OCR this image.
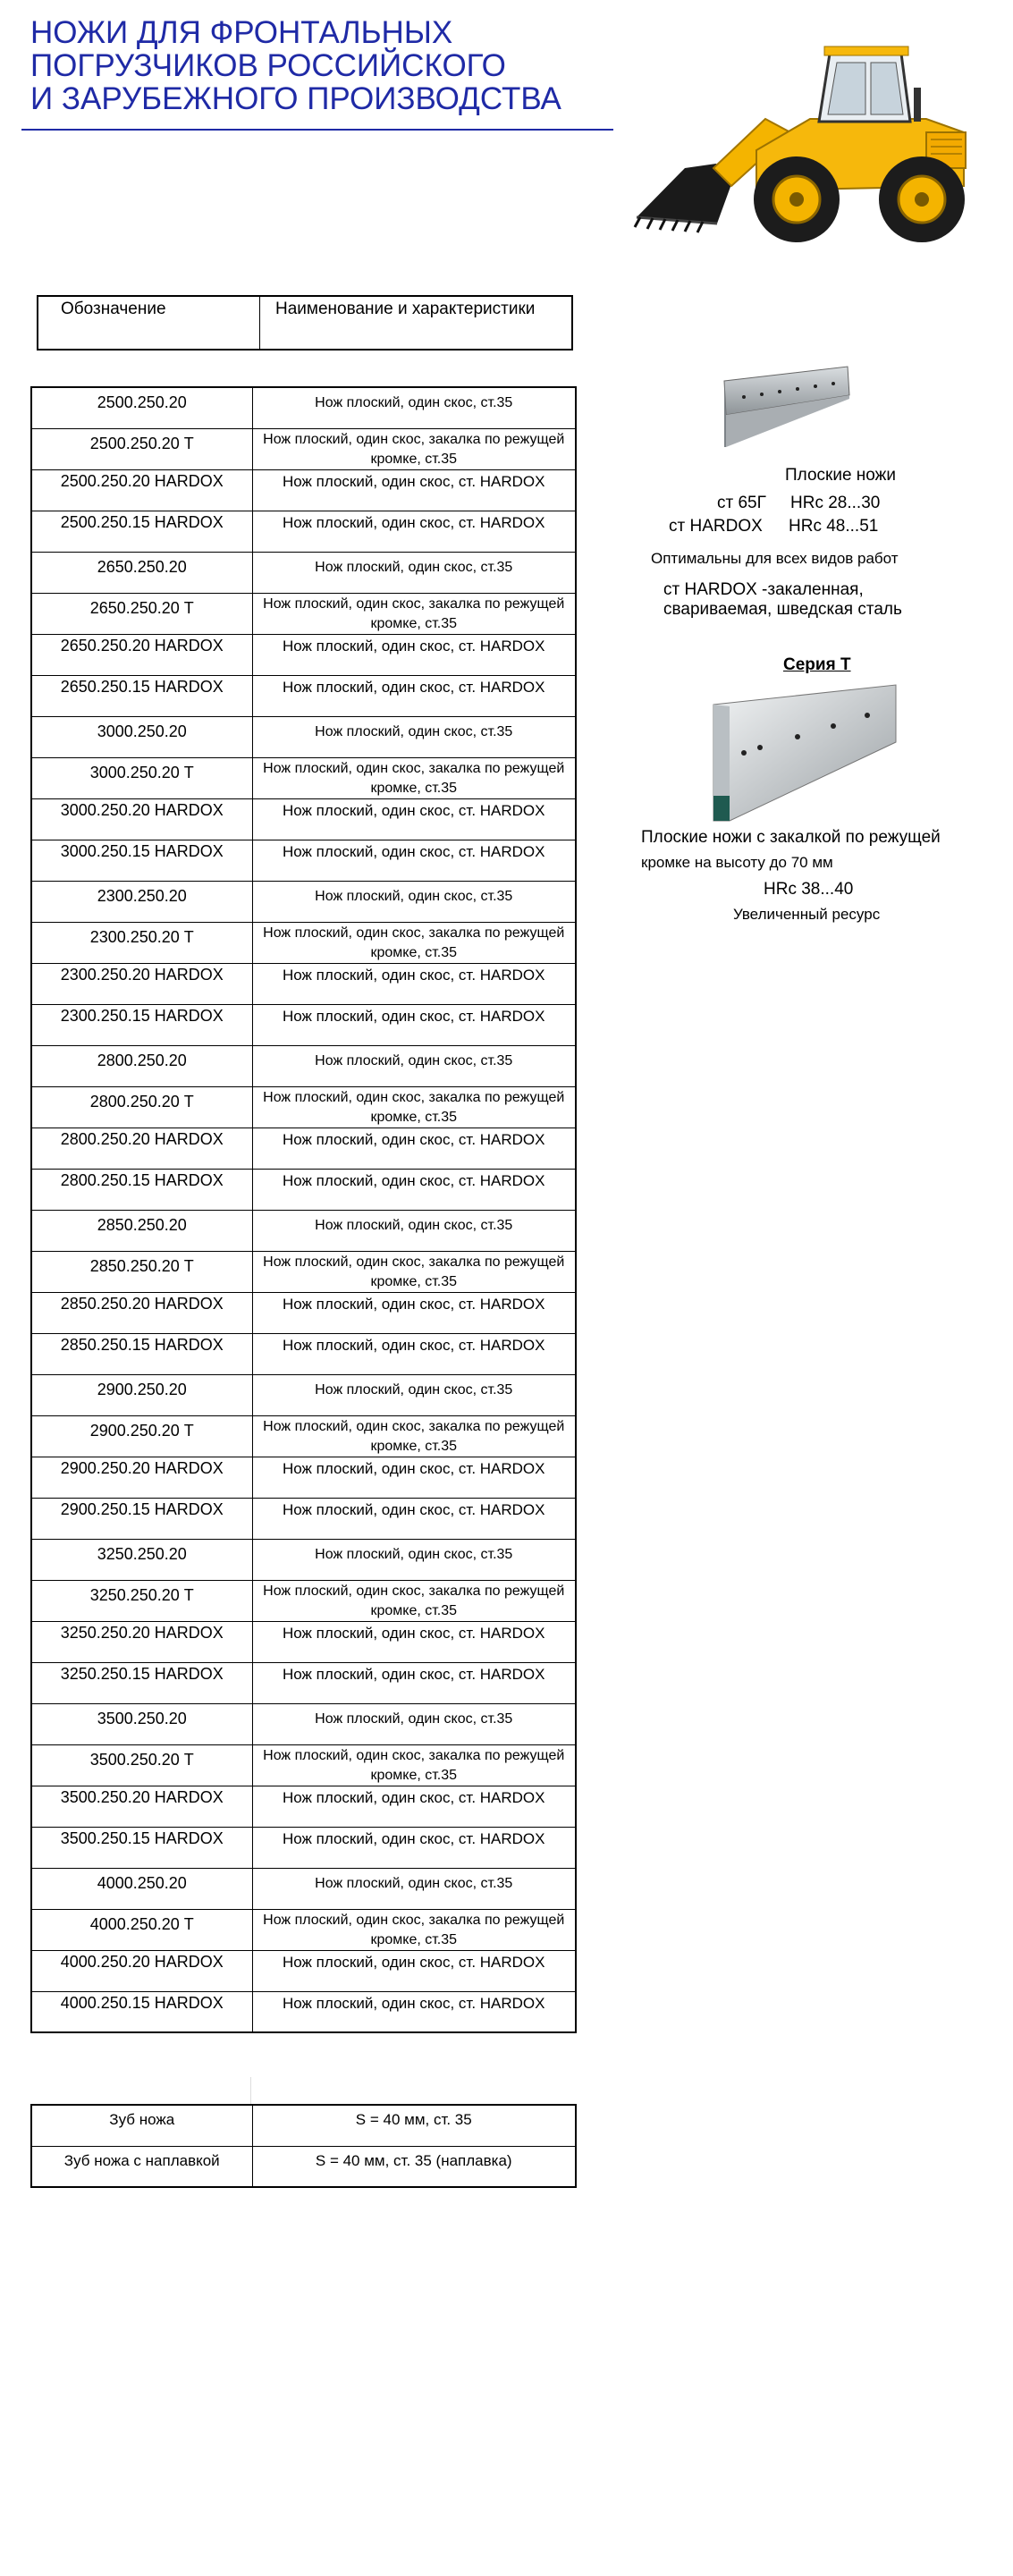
НОЖИ ДЛЯ ФРОНТАЛЬНЫХ
ПОГРУЗЧИКОВ РОССИЙСКОГО
И ЗАРУБЕЖНОГО ПРОИЗВОДСТВА
Обозначение	Наименование и характеристики
2500.250.20	Нож плоский, один скос, ст.35
2500.250.20 Т	Нож плоский, один скос, закалка по режущей кромке, ст.35
2500.250.20 HARDOX	Нож плоский, один скос, ст. HARDOX
2500.250.15 HARDOX	Нож плоский, один скос, ст. HARDOX
2650.250.20	Нож плоский, один скос, ст.35
2650.250.20 Т	Нож плоский, один скос, закалка по режущей кромке, ст.35
2650.250.20 HARDOX	Нож плоский, один скос, ст. HARDOX
2650.250.15 HARDOX	Нож плоский, один скос, ст. HARDOX
3000.250.20	Нож плоский, один скос, ст.35
3000.250.20 Т	Нож плоский, один скос, закалка по режущей кромке, ст.35
3000.250.20 HARDOX	Нож плоский, один скос, ст. HARDOX
3000.250.15 HARDOX	Нож плоский, один скос, ст. HARDOX
2300.250.20	Нож плоский, один скос, ст.35
2300.250.20 Т	Нож плоский, один скос, закалка по режущей кромке, ст.35
2300.250.20 HARDOX	Нож плоский, один скос, ст. HARDOX
2300.250.15 HARDOX	Нож плоский, один скос, ст. HARDOX
2800.250.20	Нож плоский, один скос, ст.35
2800.250.20 Т	Нож плоский, один скос, закалка по режущей кромке, ст.35
2800.250.20 HARDOX	Нож плоский, один скос, ст. HARDOX
2800.250.15 HARDOX	Нож плоский, один скос, ст. HARDOX
2850.250.20	Нож плоский, один скос, ст.35
2850.250.20 Т	Нож плоский, один скос, закалка по режущей кромке, ст.35
2850.250.20 HARDOX	Нож плоский, один скос, ст. HARDOX
2850.250.15 HARDOX	Нож плоский, один скос, ст. HARDOX
2900.250.20	Нож плоский, один скос, ст.35
2900.250.20 Т	Нож плоский, один скос, закалка по режущей кромке, ст.35
2900.250.20 HARDOX	Нож плоский, один скос, ст. HARDOX
2900.250.15 HARDOX	Нож плоский, один скос, ст. HARDOX
3250.250.20	Нож плоский, один скос, ст.35
3250.250.20 Т	Нож плоский, один скос, закалка по режущей кромке, ст.35
3250.250.20 HARDOX	Нож плоский, один скос, ст. HARDOX
3250.250.15 HARDOX	Нож плоский, один скос, ст. HARDOX
3500.250.20	Нож плоский, один скос, ст.35
3500.250.20 Т	Нож плоский, один скос, закалка по режущей кромке, ст.35
3500.250.20 HARDOX	Нож плоский, один скос, ст. HARDOX
3500.250.15 HARDOX	Нож плоский, один скос, ст. HARDOX
4000.250.20	Нож плоский, один скос, ст.35
4000.250.20 Т	Нож плоский, один скос, закалка по режущей кромке, ст.35
4000.250.20 HARDOX	Нож плоский, один скос, ст. HARDOX
4000.250.15 HARDOX	Нож плоский, один скос, ст. HARDOX
Зуб ножа	S = 40 мм, ст. 35
Зуб ножа с наплавкой	S = 40 мм, ст. 35 (наплавка)
Плоские ножи
ст 65Г HRc 28...30
ст HARDOX HRc 48...51
Оптимальны для всех видов работ
ст HARDOX -закаленная,
свариваемая, шведская сталь
Серия Т
Плоские ножи с закалкой по режущей
кромке на высоту до 70 мм
HRc 38...40
Увеличенный ресурс
